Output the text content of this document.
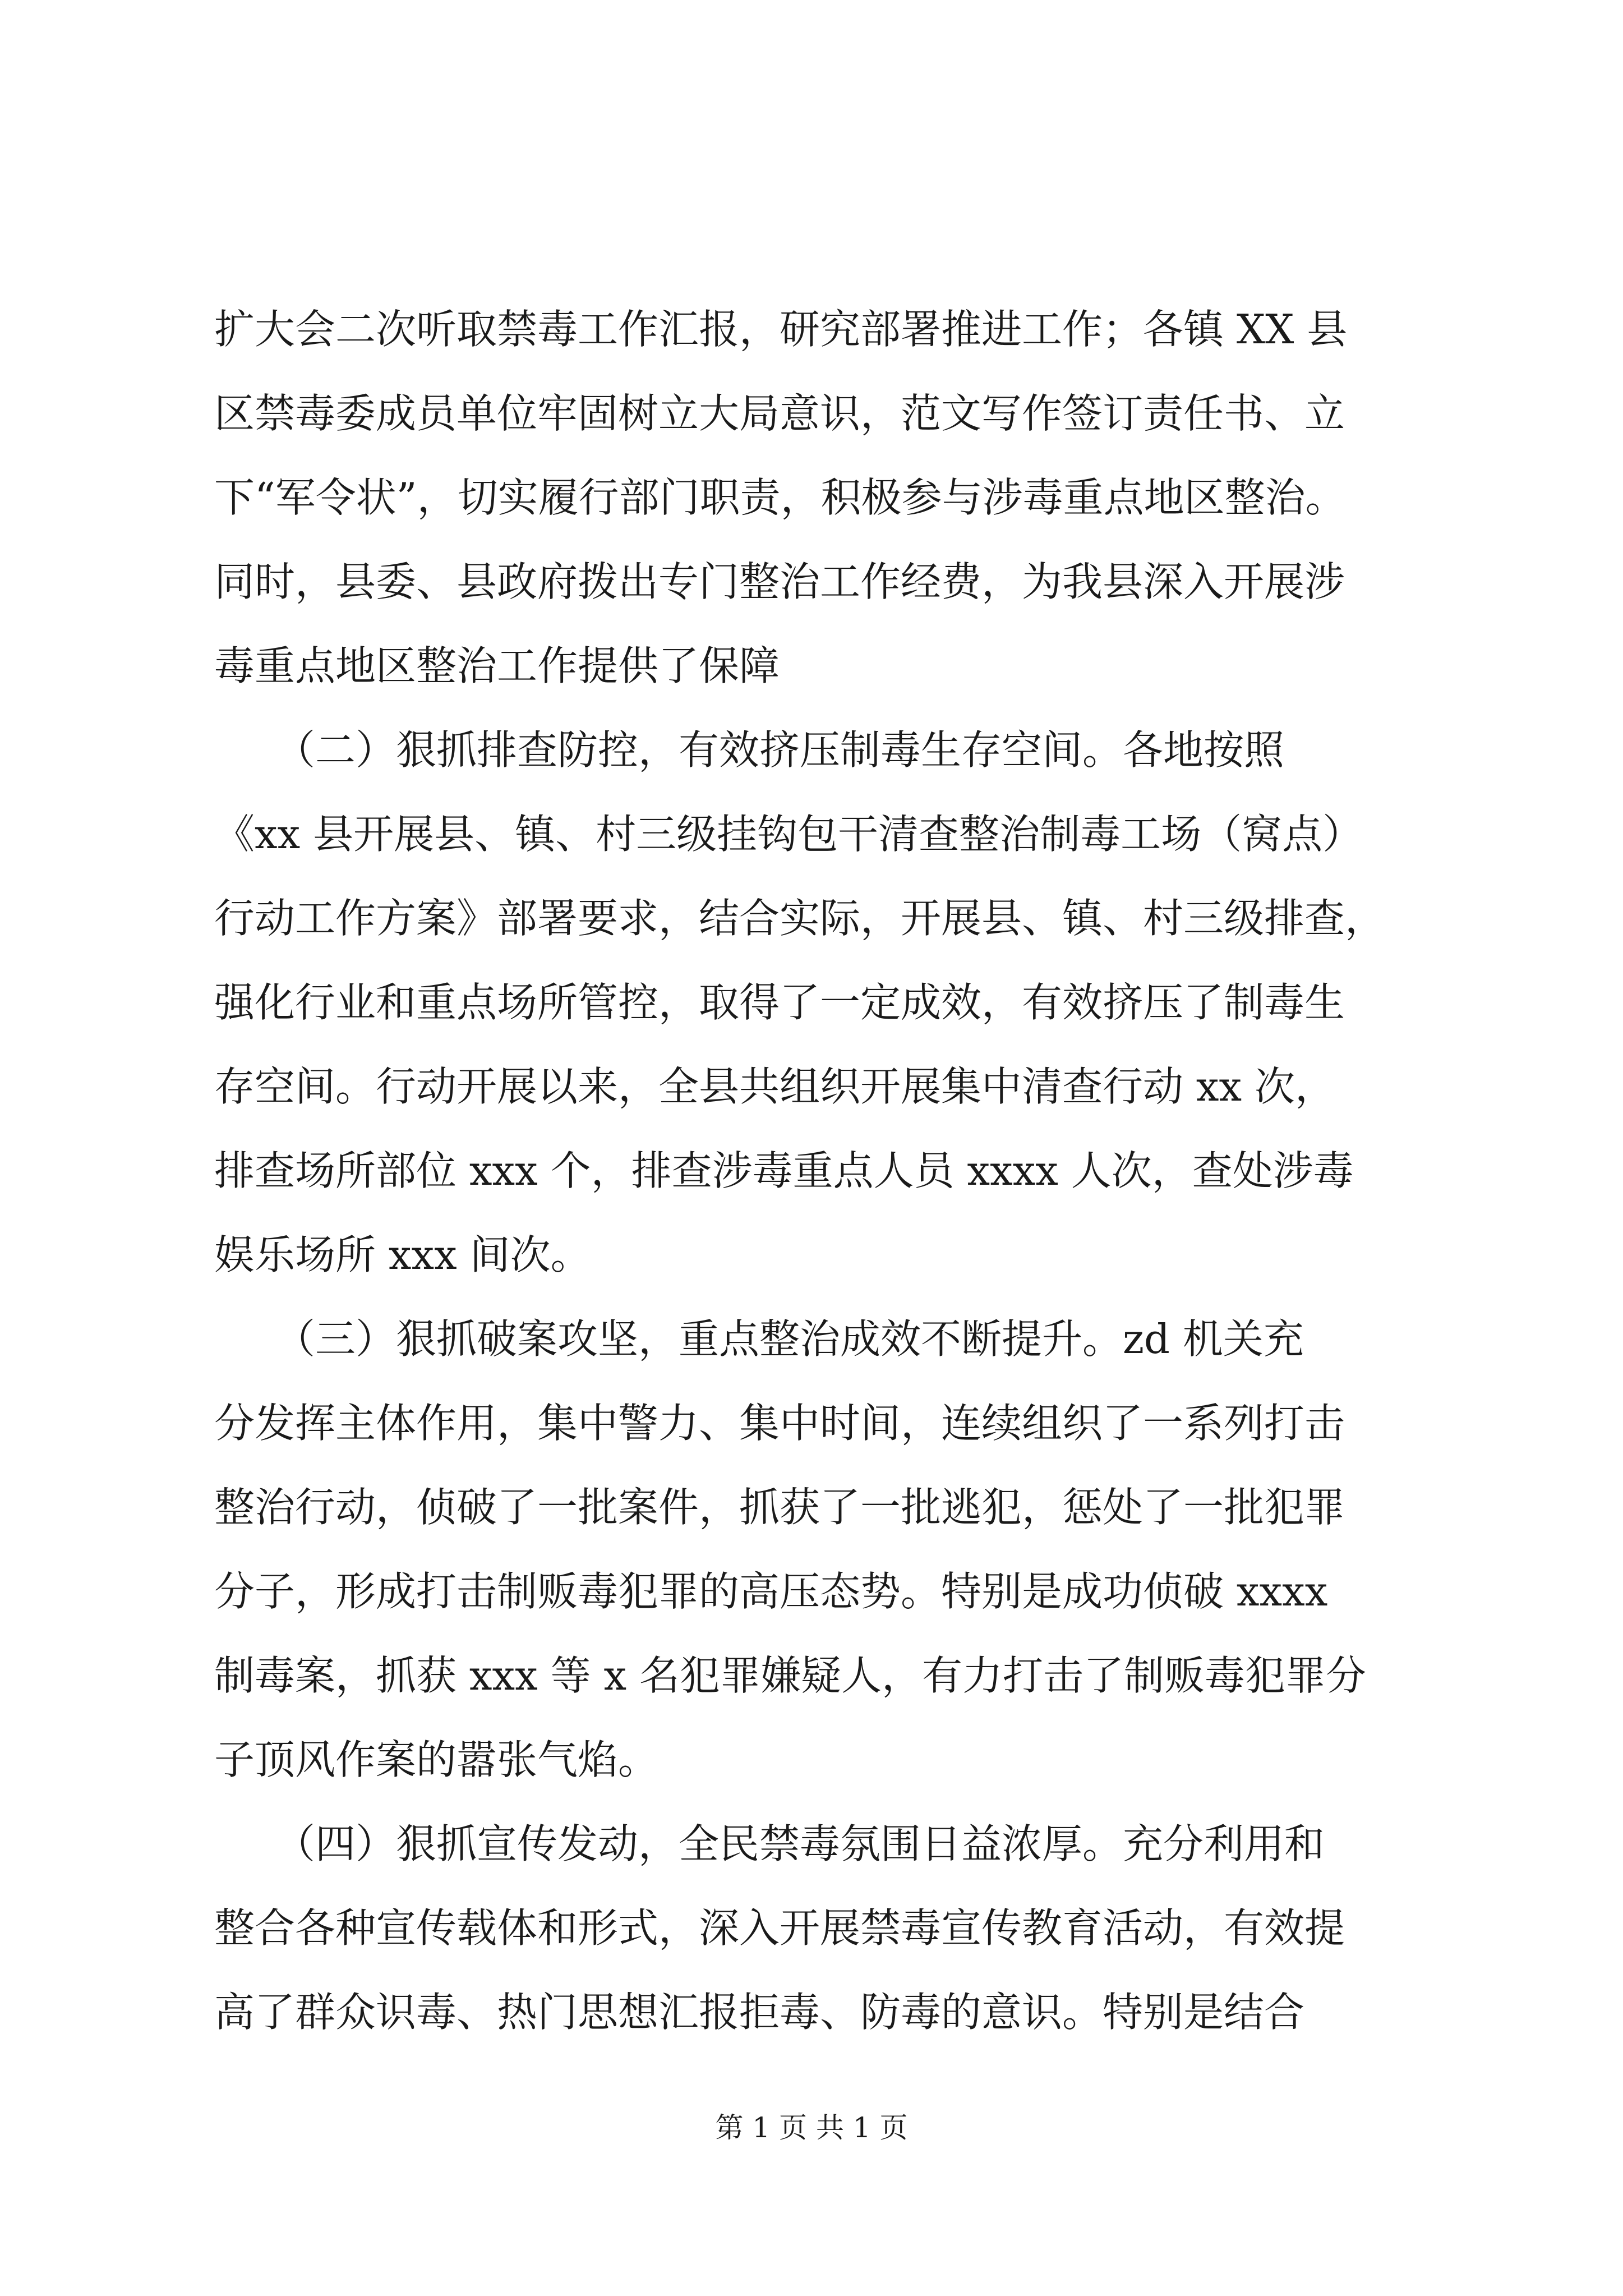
扩大会二次听取禁毒工作汇报，研究部署推进工作；各镇 XX 县
区禁毒委成员单位牢固树立大局意识，范文写作签订责任书、立
下“军令状”，切实履行部门职责，积极参与涉毒重点地区整治。
同时，县委、县政府拨出专门整治工作经费，为我县深入开展涉
毒重点地区整治工作提供了保障
　　（二）狠抓排查防控，有效挤压制毒生存空间。各地按照
《xx 县开展县、镇、村三级挂钩包干清查整治制毒工场（窝点）
行动工作方案》部署要求，结合实际，开展县、镇、村三级排查，
强化行业和重点场所管控，取得了一定成效，有效挤压了制毒生
存空间。行动开展以来，全县共组织开展集中清查行动 xx 次，
排查场所部位 xxx 个，排查涉毒重点人员 xxxx 人次，查处涉毒
娱乐场所 xxx 间次。
　　（三）狠抓破案攻坚，重点整治成效不断提升。zd 机关充
分发挥主体作用，集中警力、集中时间，连续组织了一系列打击
整治行动，侦破了一批案件，抓获了一批逃犯，惩处了一批犯罪
分子，形成打击制贩毒犯罪的高压态势。特别是成功侦破 xxxx
制毒案，抓获 xxx 等 x 名犯罪嫌疑人，有力打击了制贩毒犯罪分
子顶风作案的嚣张气焰。
　　（四）狠抓宣传发动，全民禁毒氛围日益浓厚。充分利用和
整合各种宣传载体和形式，深入开展禁毒宣传教育活动，有效提
高了群众识毒、热门思想汇报拒毒、防毒的意识。特别是结合
第 1 页 共 1 页
